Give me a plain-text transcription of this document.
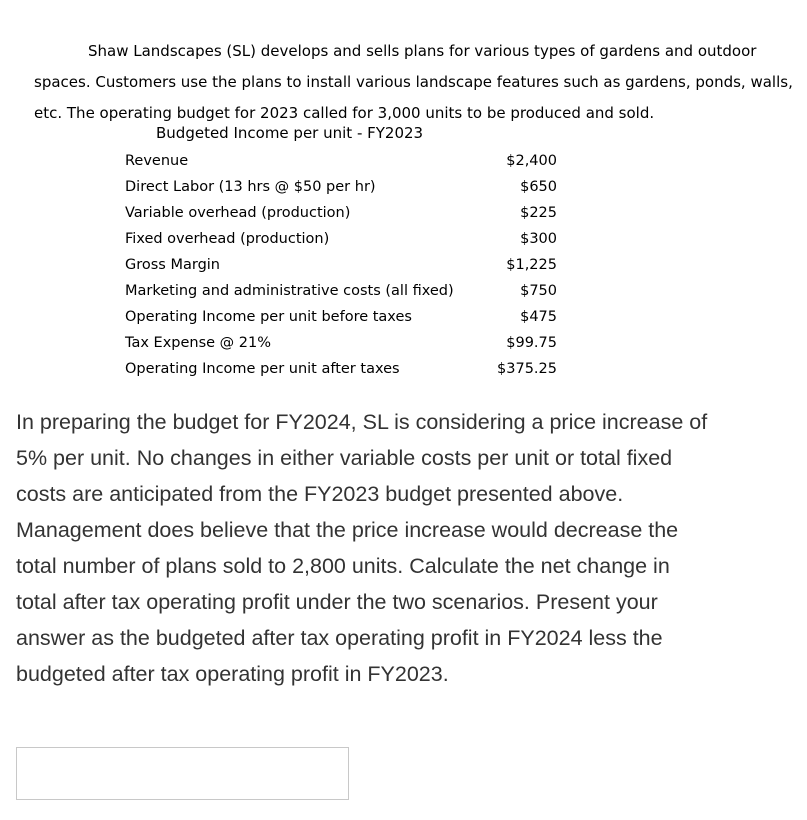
Shaw Landscapes (SL) develops and sells plans for various types of gardens and outdoor
spaces. Customers use the plans to install various landscape features such as gardens, ponds, walls,
etc. The operating budget for 2023 called for 3,000 units to be produced and sold.
Budgeted Income per unit - FY2023
Revenue	$2,400
Direct Labor (13 hrs @ $50 per hr)	$650
Variable overhead (production)	$225
Fixed overhead (production)	$300
Gross Margin	$1,225
Marketing and administrative costs (all fixed)	$750
Operating Income per unit before taxes	$475
Tax Expense @ 21%	$99.75
Operating Income per unit after taxes	$375.25
In preparing the budget for FY2024, SL is considering a price increase of
5% per unit. No changes in either variable costs per unit or total fixed
costs are anticipated from the FY2023 budget presented above.
Management does believe that the price increase would decrease the
total number of plans sold to 2,800 units. Calculate the net change in
total after tax operating profit under the two scenarios. Present your
answer as the budgeted after tax operating profit in FY2024 less the
budgeted after tax operating profit in FY2023.
